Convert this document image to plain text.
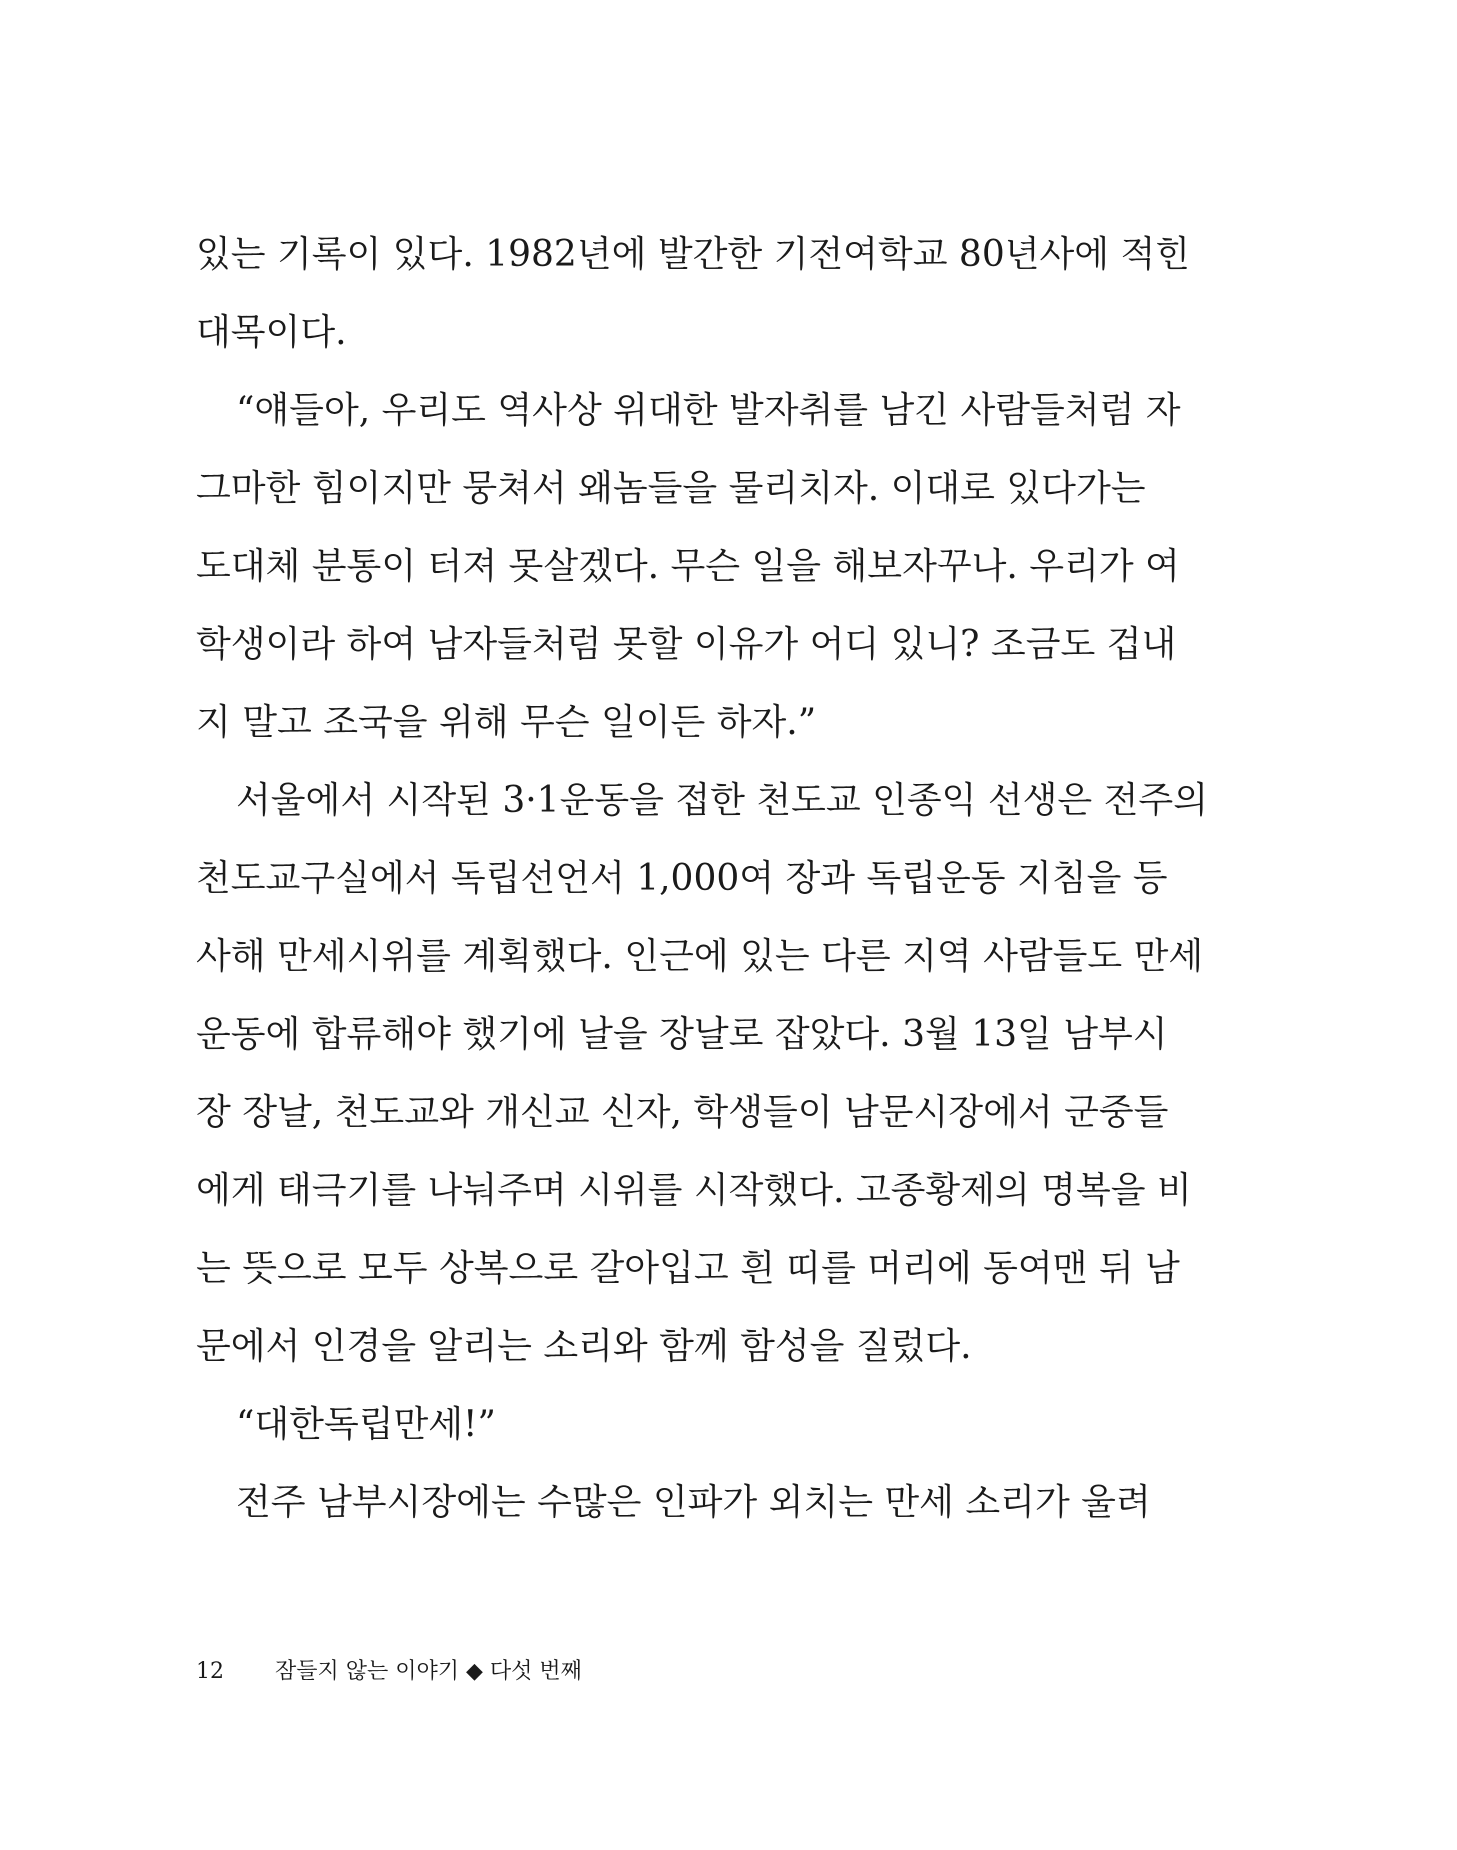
있는 기록이 있다. 1982년에 발간한 기전여학교 80년사에 적힌
대목이다.
“얘들아, 우리도 역사상 위대한 발자취를 남긴 사람들처럼 자
그마한 힘이지만 뭉쳐서 왜놈들을 물리치자. 이대로 있다가는
도대체 분통이 터져 못살겠다. 무슨 일을 해보자꾸나. 우리가 여
학생이라 하여 남자들처럼 못할 이유가 어디 있니? 조금도 겁내
지 말고 조국을 위해 무슨 일이든 하자.”
서울에서 시작된 3·1운동을 접한 천도교 인종익 선생은 전주의
천도교구실에서 독립선언서 1,000여 장과 독립운동 지침을 등
사해 만세시위를 계획했다. 인근에 있는 다른 지역 사람들도 만세
운동에 합류해야 했기에 날을 장날로 잡았다. 3월 13일 남부시
장 장날, 천도교와 개신교 신자, 학생들이 남문시장에서 군중들
에게 태극기를 나눠주며 시위를 시작했다. 고종황제의 명복을 비
는 뜻으로 모두 상복으로 갈아입고 흰 띠를 머리에 동여맨 뒤 남
문에서 인경을 알리는 소리와 함께 함성을 질렀다.
“대한독립만세!”
전주 남부시장에는 수많은 인파가 외치는 만세 소리가 울려
12 잠들지 않는 이야기 ◆ 다섯 번째
